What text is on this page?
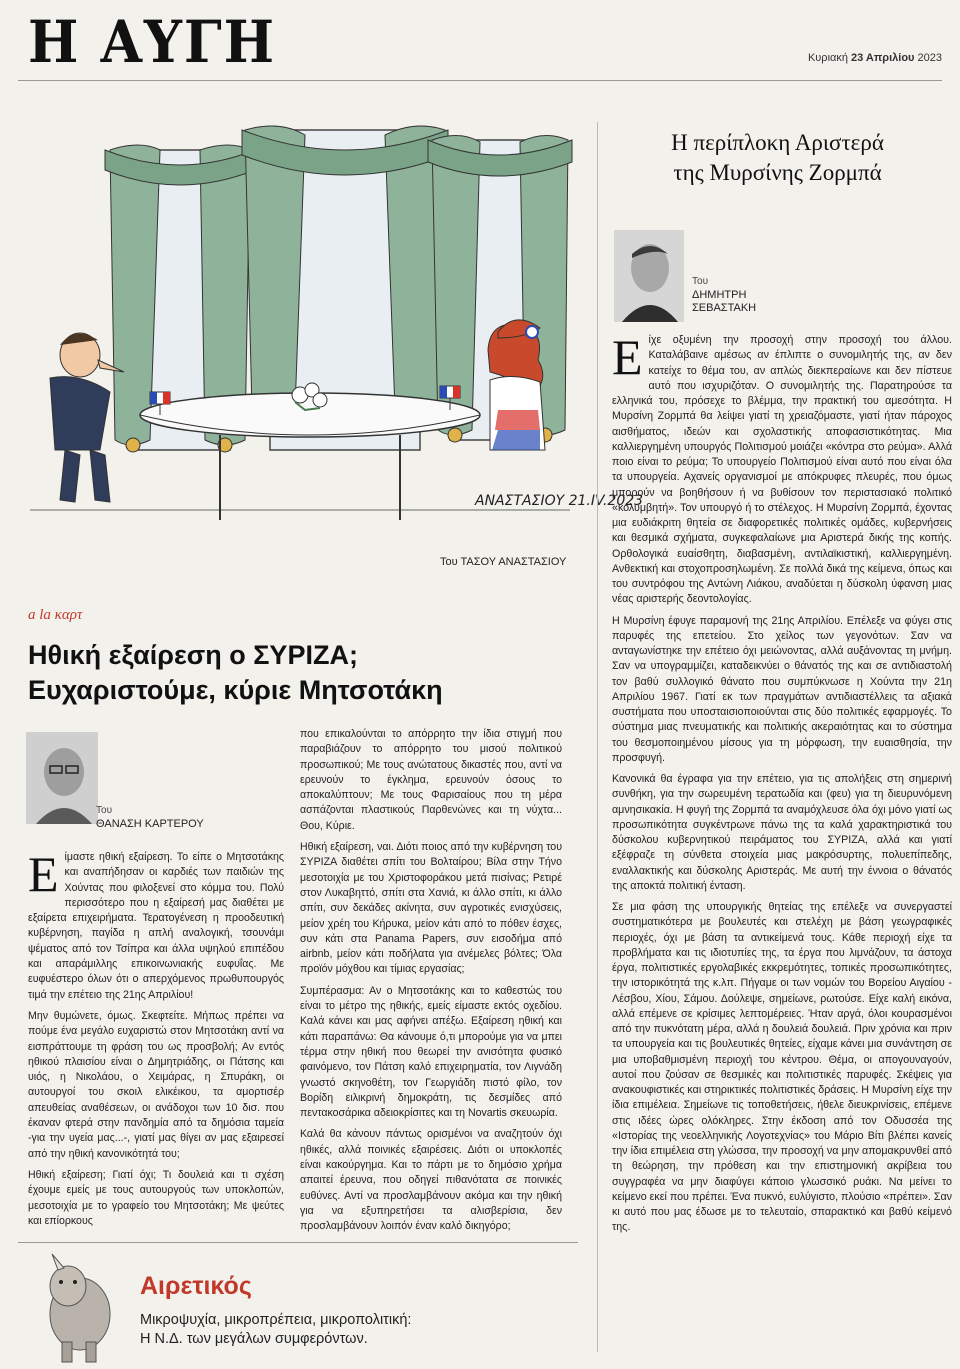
Η ΑΥΓΗ	Κυριακή 23 Απριλίου 2023
ΑΝΑΣΤΑΣΙΟΥ 21.IV.2023
Του ΤΑΣΟΥ ΑΝΑΣΤΑΣΙΟΥ
a la καρτ
Ηθική εξαίρεση ο ΣΥΡΙΖΑ;
Ευχαριστούμε, κύριε Μητσοτάκη
Του
ΘΑΝΑΣΗ ΚΑΡΤΕΡΟΥ

Είμαστε ηθική εξαίρεση. Το είπε ο Μητσοτάκης και αναπήδησαν οι καρδιές των παιδιών της Χούντας που φιλοξενεί στο κόμμα του. Πολύ περισσότερο που η εξαίρεσή μας διαθέτει με εξαίρετα επιχειρήματα. Τερατογένεση η προοδευτική κυβέρνηση, παγίδα η απλή αναλογική, τσουνάμι ψέματος από τον Τσίπρα και άλλα υψηλού επιπέδου και απαράμιλλης επικοινωνιακής ευφυΐας. Με ευφυέστερο όλων ότι ο απερχόμενος πρωθυπουργός τιμά την επέτειο της 21ης Απριλίου!

Μην θυμώνετε, όμως. Σκεφτείτε. Μήπως πρέπει να πούμε ένα μεγάλο ευχαριστώ στον Μητσοτάκη αντί να εισπράττουμε τη φράση του ως προσβολή; Αν εντός ηθικού πλαισίου είναι ο Δημητριάδης, οι Πάτσης και υιός, η Νικολάου, ο Χειμάρας, η Σπυράκη, οι αυτουργοί του σκοιλ ελικέικου, τα αμορτισέρ απευθείας αναθέσεων, οι ανάδοχοι των 10 δισ. που έκαναν φτερά στην πανδημία από τα δημόσια ταμεία -για την υγεία μας...-, γιατί μας θίγει αν μας εξαιρεσεί από την ηθική κανονικότητά του;

Ηθική εξαίρεση; Γιατί όχι; Τι δουλειά και τι σχέση έχουμε εμείς με τους αυτουργούς των υποκλοπών, μεσοτοιχία με το γραφείο του Μητσοτάκη; Με ψεύτες και επίορκους

που επικαλούνται το απόρρητο την ίδια στιγμή που παραβιάζουν το απόρρητο του μισού πολιτικού προσωπικού; Με τους ανώτατους δικαστές που, αντί να ερευνούν το έγκλημα, ερευνούν όσους το αποκαλύπτουν; Με τους Φαρισαίους που τη μέρα ασπάζονται πλαστικούς Παρθενώνες και τη νύχτα... Θου, Κύριε.

Ηθική εξαίρεση, ναι. Διότι ποιος από την κυβέρνηση του ΣΥΡΙΖΑ διαθέτει σπίτι του Βολταίρου; Βίλα στην Τήνο μεσοτοιχία με του Χριστοφοράκου μετά πισίνας; Ρετιρέ στον Λυκαβηττό, σπίτι στα Χανιά, κι άλλο σπίτι, κι άλλο σπίτι, συν δεκάδες ακίνητα, συν αγροτικές ενισχύσεις, μείον χρέη του Κήρυκα, μείον κάτι από το πόθεν έσχες, συν κάτι στα Panama Papers, συν εισοδήμα από airbnb, μείον κάτι ποδήλατα για ανέμελες βόλτες; Όλα προϊόν μόχθου και τίμιας εργασίας;

Συμπέρασμα: Αν ο Μητσοτάκης και το καθεστώς του είναι το μέτρο της ηθικής, εμείς είμαστε εκτός οχεδίου. Καλά κάνει και μας αφήνει απέξω. Εξαίρεση ηθική και κάτι παραπάνω: Θα κάνουμε ό,τι μπορούμε για να μπει τέρμα στην ηθική που θεωρεί την ανισότητα φυσικό φαινόμενο, τον Πάτση καλό επιχειρηματία, τον Λιγνάδη γνωστό σκηνοθέτη, τον Γεωργιάδη πιστό φίλο, τον Βορίδη ειλικρινή δημοκράτη, τις δεσμίδες από πεντακοσάρικα αδειοκρίσιτες και τη Novartis σκευωρία.

Καλά θα κάνουν πάντως ορισμένοι να αναζητούν όχι ηθικές, αλλά ποινικές εξαιρέσεις. Διότι οι υποκλοπές είναι κακούργημα. Και το πάρτι με το δημόσιο χρήμα απαιτεί έρευνα, που οδηγεί πιθανότατα σε ποινικές ευθύνες. Αντί να προσλαμβάνουν ακόμα και την ηθική για να εξυπηρετήσει τα αλισβερίσια, δεν προσλαμβάνουν λοιπόν έναν καλό δικηγόρο;

Η περίπλοκη Αριστερά
της Μυρσίνης Ζορμπά
Του
ΔΗΜΗΤΡΗ
ΣΕΒΑΣΤΑΚΗ

Είχε οξυμένη την προσοχή στην προσοχή του άλλου. Καταλάβαινε αμέσως αν έπλιπτε ο συνομιλητής της, αν δεν κατείχε το θέμα του, αν απλώς διεκπεραίωνε και δεν πίστευε αυτό που ισχυριζόταν. Ο συνομιλητής της. Παρατηρούσε τα ελληνικά του, πρόσεχε το βλέμμα, την πρακτική του αμεσότητα. Η Μυρσίνη Ζορμπά θα λείψει γιατί τη χρειαζόμαστε, γιατί ήταν πάροχος αισθήματος, ιδεών και σχολαστικής αποφασιστικότητας. Μια καλλιεργημένη υπουργός Πολιτισμού μοιάζει «κόντρα στο ρεύμα». Αλλά ποιο είναι το ρεύμα; Το υπουργείο Πολιτισμού είναι αυτό που είναι όλα τα υπουργεία. Αχανείς οργανισμοί με απόκρυφες πλευρές, που όμως μπορούν να βοηθήσουν ή να βυθίσουν τον περιστασιακό πολιτικό «κολυμβητή». Τον υπουργό ή το στέλεχος. Η Μυρσίνη Ζορμπά, έχοντας μια ευδιάκριτη θητεία σε διαφορετικές πολιτικές ομάδες, κυβερνήσεις και θεσμικά σχήματα, συγκεφαλαίωνε μια Αριστερά δικής της κοπής. Ορθολογικά ευαίσθητη, διαβασμένη, αντιλαϊκιστική, καλλιεργημένη. Ανθεκτική και στοχοπροσηλωμένη. Σε πολλά δικά της κείμενα, όπως και του συντρόφου της Αντώνη Λιάκου, αναδύεται η δύσκολη ύφανση μιας νέας αριστερής δεοντολογίας.

Η Μυρσίνη έφυγε παραμονή της 21ης Απριλίου. Επέλεξε να φύγει στις παρυφές της επετείου. Στο χείλος των γεγονότων. Σαν να ανταγωνίστηκε την επέτειο όχι μειώνοντας, αλλά αυξάνοντας τη μνήμη. Σαν να υπογραμμίζει, καταδεικνύει ο θάνατός της και σε αντιδιαστολή τον βαθύ συλλογικό θάνατο που συμπύκνωσε η Χούντα την 21η Απριλίου 1967. Γιατί εκ των πραγμάτων αντιδιαστέλλεις τα αξιακά συστήματα που υποσταισιοποιούνται στις δύο πολιτικές εφαρμογές. Το σύστημα μιας πνευματικής και πολιτικής ακεραιότητας και το σύστημα του θεσμοποιημένου μίσους για τη μόρφωση, την ευαισθησία, την προσφυγή.

Κανονικά θα έγραφα για την επέτειο, για τις απολήξεις στη σημερινή συνθήκη, για την σωρευμένη τερατωδία και (φευ) για τη διευρυνόμενη αμνησικακία. Η φυγή της Ζορμπά τα αναμόχλευσε όλα όχι μόνο γιατί ως προσωπικότητα συγκέντρωνε πάνω της τα καλά χαρακτηριστικά του δύσκολου κυβερνητικού πειράματος του ΣΥΡΙΖΑ, αλλά και γιατί εξέφραζε τη σύνθετα στοιχεία μιας μακρόσυρτης, πολυεπίπεδης, εναλλακτικής και δύσκολης Αριστεράς. Με αυτή την έννοια ο θάνατός της αποκτά πολιτική ένταση.

Σε μια φάση της υπουργικής θητείας της επέλεξε να συνεργαστεί συστηματικότερα με βουλευτές και στελέχη με βάση γεωγραφικές περιοχές, όχι με βάση τα αντικείμενά τους. Κάθε περιοχή είχε τα προβλήματα και τις ιδιοτυπίες της, τα έργα που λιμνάζουν, τα άστοχα έργα, πολιτιστικές εργολαβικές εκκρεμότητες, τοπικές προσωπικότητες, την ιστορικότητά της κ.λπ. Πήγαμε οι των νομών του Βορείου Αιγαίου - Λέσβου, Χίου, Σάμου. Δούλεψε, σημείωνε, ρωτούσε. Είχε καλή εικόνα, αλλά επέμενε σε κρίσιμες λεπτομέρειες. Ήταν αργά, όλοι κουρασμένοι από την πυκνότατη μέρα, αλλά η δουλειά δουλειά. Πριν χρόνια και πριν τα υπουργεία και τις βουλευτικές θητείες, είχαμε κάνει μια συνάντηση σε μια υποβαθμισμένη περιοχή του κέντρου. Θέμα, οι απογουναγούν, αυτοί που ζούσαν σε θεσμικές και πολιτιστικές παρυφές. Σκέψεις για ανακουφιστικές και στηρικτικές πολιτιστικές δράσεις. Η Μυρσίνη είχε την ίδια επιμέλεια. Σημείωνε τις τοποθετήσεις, ήθελε διευκρινίσεις, επέμενε στις ιδέες ώρες ολόκληρες. Στην έκδοση από τον Οδυσσέα της «Ιστορίας της νεοελληνικής Λογοτεχνίας» του Μάριο Βίτι βλέπει κανείς την ίδια επιμέλεια στη γλώσσα, την προσοχή να μην απομακρυνθεί από τη θεώρηση, την πρόθεση και την επιστημονική ακρίβεια του συγγραφέα να μην διαφύγει κάποιο γλωσσικό ρυάκι. Να μείνει το κείμενο εκεί που πρέπει. Ένα πυκνό, ευλύγιστο, πλούσιο «πρέπει». Σαν κι αυτό που μας έδωσε με το τελευταίο, σπαρακτικό και βαθύ κείμενό της.

Αιρετικός
Μικροψυχία, μικροπρέπεια, μικροπολιτική:
Η Ν.Δ. των μεγάλων συμφερόντων.
